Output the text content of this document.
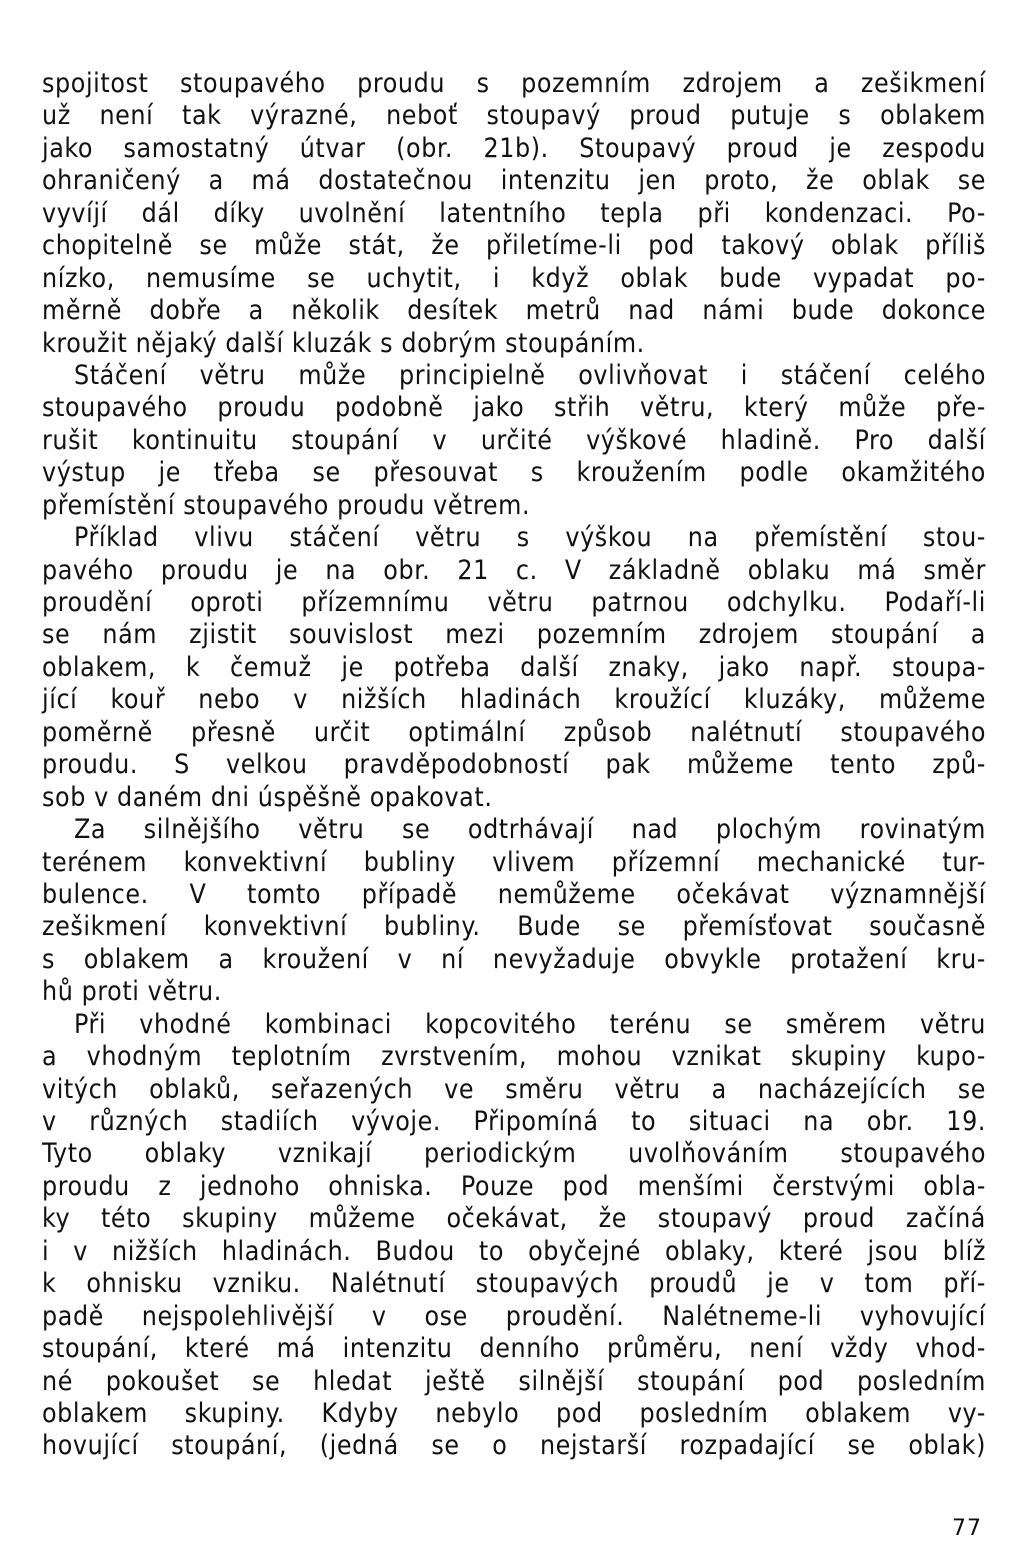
spojitost stoupavého proudu s pozemním zdrojem a zešikmení
už není tak výrazné, neboť stoupavý proud putuje s oblakem
jako samostatný útvar (obr. 21b). Stoupavý proud je zespodu
ohraničený a má dostatečnou intenzitu jen proto, že oblak se
vyvíjí dál díky uvolnění latentního tepla při kondenzaci. Po-
chopitelně se může stát, že přiletíme-li pod takový oblak příliš
nízko, nemusíme se uchytit, i když oblak bude vypadat po-
měrně dobře a několik desítek metrů nad námi bude dokonce
kroužit nějaký další kluzák s dobrým stoupáním.
Stáčení větru může principielně ovlivňovat i stáčení celého
stoupavého proudu podobně jako střih větru, který může pře-
rušit kontinuitu stoupání v určité výškové hladině. Pro další
výstup je třeba se přesouvat s kroužením podle okamžitého
přemístění stoupavého proudu větrem.
Příklad vlivu stáčení větru s výškou na přemístění stou-
pavého proudu je na obr. 21 c. V základně oblaku má směr
proudění oproti přízemnímu větru patrnou odchylku. Podaří-li
se nám zjistit souvislost mezi pozemním zdrojem stoupání a
oblakem, k čemuž je potřeba další znaky, jako např. stoupa-
jící kouř nebo v nižších hladinách kroužící kluzáky, můžeme
poměrně přesně určit optimální způsob nalétnutí stoupavého
proudu. S velkou pravděpodobností pak můžeme tento způ-
sob v daném dni úspěšně opakovat.
Za silnějšího větru se odtrhávají nad plochým rovinatým
terénem konvektivní bubliny vlivem přízemní mechanické tur-
bulence. V tomto případě nemůžeme očekávat významnější
zešikmení konvektivní bubliny. Bude se přemísťovat současně
s oblakem a kroužení v ní nevyžaduje obvykle protažení kru-
hů proti větru.
Při vhodné kombinaci kopcovitého terénu se směrem větru
a vhodným teplotním zvrstvením, mohou vznikat skupiny kupo-
vitých oblaků, seřazených ve směru větru a nacházejících se
v různých stadiích vývoje. Připomíná to situaci na obr. 19.
Tyto oblaky vznikají periodickým uvolňováním stoupavého
proudu z jednoho ohniska. Pouze pod menšími čerstvými obla-
ky této skupiny můžeme očekávat, že stoupavý proud začíná
i v nižších hladinách. Budou to obyčejné oblaky, které jsou blíž
k ohnisku vzniku. Nalétnutí stoupavých proudů je v tom pří-
padě nejspolehlivější v ose proudění. Nalétneme-li vyhovující
stoupání, které má intenzitu denního průměru, není vždy vhod-
né pokoušet se hledat ještě silnější stoupání pod posledním
oblakem skupiny. Kdyby nebylo pod posledním oblakem vy-
hovující stoupání, (jedná se o nejstarší rozpadající se oblak)
77
